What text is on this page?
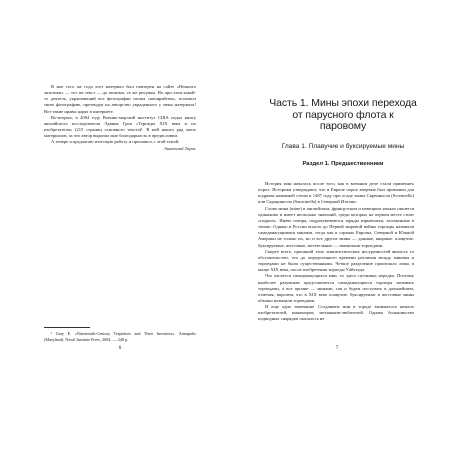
В мае того же года этот материал был повторен на сайте «Немного экзотики» — тот же текст — до запятых, те же рисунки. Но при этом какой-то деятель, украшающий все фотографии своим «копирайтом», положил свою фотографию, претендуя на авторство украденного у меня материала! Вот такие нравы царят в интернете.

Во-вторых, в 2004 году Военно-морской институт США издал книгу английского исследователя Эдвина Грея «Торпеды XIX века и их изобретатели» (215 страниц основного текста)¹. В ней нашел ряд моих материалов, за что автор выразил мне благодарность в предисловии.

А теперь я предлагаю итоговую работу и прошаюсь с этой темой.

Анатолий Тарас
¹ Gray E. «Nineteenth-Century Torpedoes and Their Inventors». Annapolis (Maryland): Naval Institute Press, 2004. — 240 p.
6
Часть 1. Мины эпохи перехода от парусного флота к паровому
Глава 1. Плавучие и буксируемые мины
Раздел 1. Предшественники

История мин началась после того, как в военном деле стали применять порох. Историки утверждают, что в Европе порох впервые был применен для подрыва каменной стены в 1487 году при осаде замка Скреиньола (Screunello) или Сарацинелла (Saracinella) в Северной Италии.

Слово мина (mine) в английском, французском и немецком языках пишется одинаково и имеет несколько значений, среди которых на первом месте стоит «подкоп». Иначе говоря, подразумеваются заряды взрывчатки, заложенные в землю. Однако в России вплоть до Первой мировой войны торпеды называли самодвижущимися минами, тогда как в странах Европы, Северной и Южной Америки не только их, но и все другие мины — донные, якорные, плавучие, буксируемые, шестовые, метательные — именовали торпедами.

Скорее всего, причиной этих лингвистических несуразностей явилось то обстоятельство, что до определенного времени различия между минами и торпедами не были существенными. Четкое разделение произошло лишь в конце XIX века, после изобретения торпеды Уайтхеда.

Что касается самодвижущихся мин, то здесь путаница нередка. Поэтому наиболее разумным представляется самодвижущиеся торпеды называть торпедами, а все прочие — минами, так и будем поступать в дальнейшем, отмечая, впрочем, что в XIX веке плавучие, буксируемые и шестовые мины обычно называли торпедами.

И еще одно замечание. Созданием мин в тороде занималось немало изобретателей, инженеров, механиков-любителей. Однако большинство подводных снарядов оказалось не

7
